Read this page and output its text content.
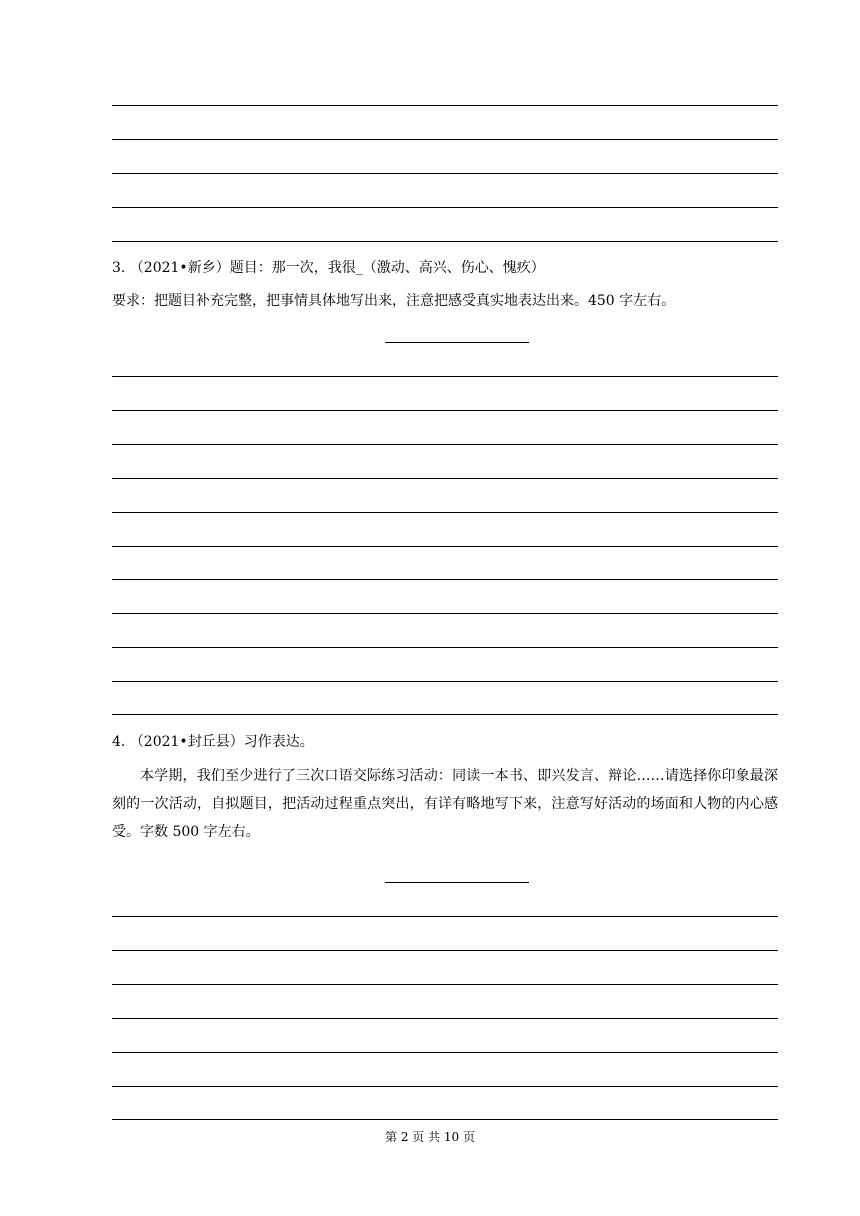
3. （2021•新乡）题目：那一次，我很_（激动、高兴、伤心、愧疚）
要求：把题目补充完整，把事情具体地写出来，注意把感受真实地表达出来。450 字左右。
4. （2021•封丘县）习作表达。
本学期，我们至少进行了三次口语交际练习活动：同读一本书、即兴发言、辩论……请选择你印象最深刻的一次活动，自拟题目，把活动过程重点突出，有详有略地写下来，注意写好活动的场面和人物的内心感受。字数 500 字左右。
第 2 页 共 10 页
